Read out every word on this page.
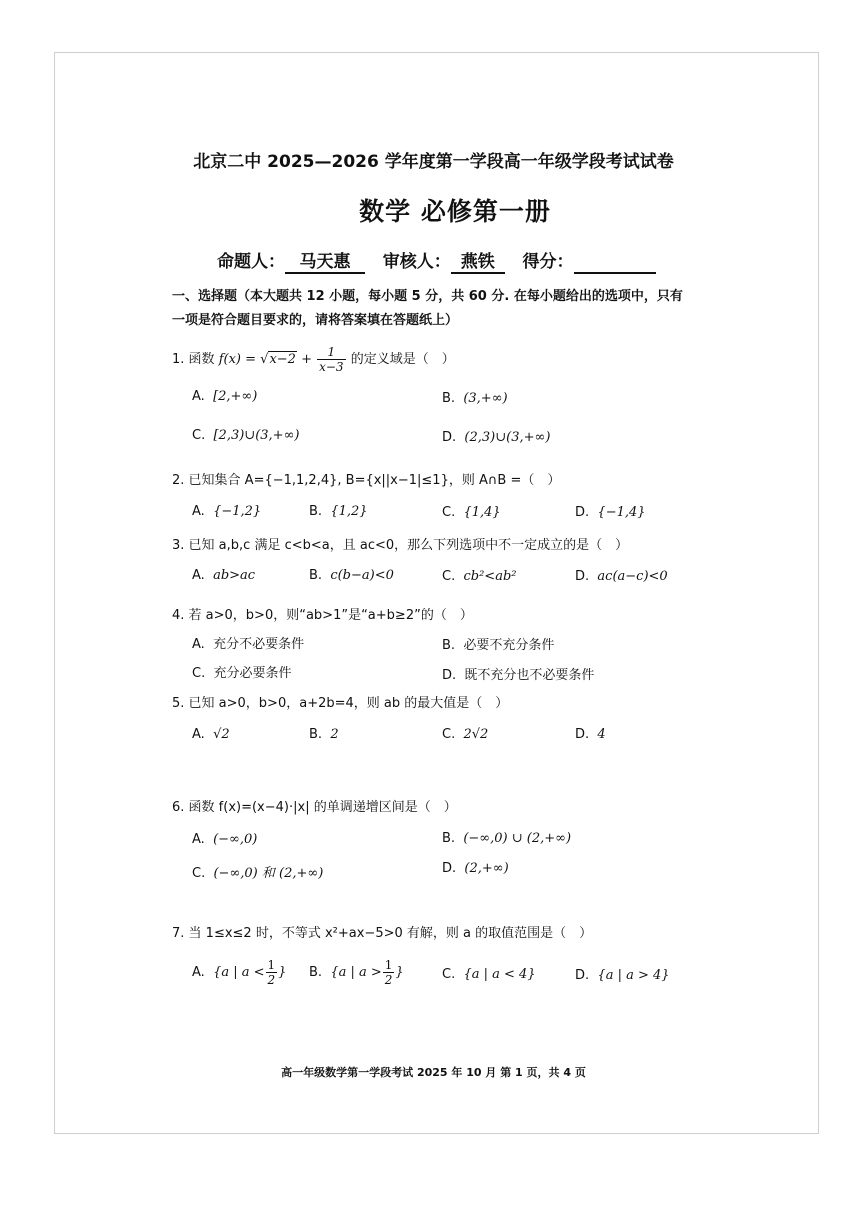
北京二中 2025—2026 学年度第一学段高一年级学段考试试卷
数学 必修第一册
命题人： 马天惠 审核人： 燕铁 得分：
一、选择题（本大题共 12 小题，每小题 5 分，共 60 分. 在每小题给出的选项中，只有一项是符合题目要求的，请将答案填在答题纸上）
1. 函数 $f(x) = √x-2 + \frac{1}{x-3}$ 的定义域是（　）
A. [2,+∞)	B. (3,+∞)
C. [2,3)∪(3,+∞)	D. (2,3)∪(3,+∞)
2. 已知集合 A={−1,1,2,4}, B={x||x−1|≤1}，则 A∩B =（　）
A. {−1,2}	B. {1,2}	C. {1,4}	D. {−1,4}
3. 已知 a,b,c 满足 c<b<a，且 ac<0，那么下列选项中不一定成立的是（　）
A. ab>ac	B. c(b−a)<0	C. cb²<ab²	D. ac(a−c)<0
4. 若 a>0，b>0，则“ab>1”是“a+b≥2”的（　）
A. 充分不必要条件	B. 必要不充分条件
C. 充分必要条件	D. 既不充分也不必要条件
5. 已知 a>0，b>0，a+2b=4，则 ab 的最大值是（　）
A. √2	B. 2	C. 2√2	D. 4
6. 函数 f(x)=(x−4)·|x| 的单调递增区间是（　）
A. (−∞,0)	B. (−∞,0) ∪ (2,+∞)
C. (−∞,0) 和 (2,+∞)	D. (2,+∞)
7. 当 1≤x≤2 时，不等式 x²+ax−5>0 有解，则 a 的取值范围是（　）
A. {a | $a < \frac{1}{2}$ } B. {a | $a > \frac{1}{2}$ }	C. {a | a < 4}	D. {a | a > 4}
高一年级数学第一学段考试 2025 年 10 月 第 1 页，共 4 页
